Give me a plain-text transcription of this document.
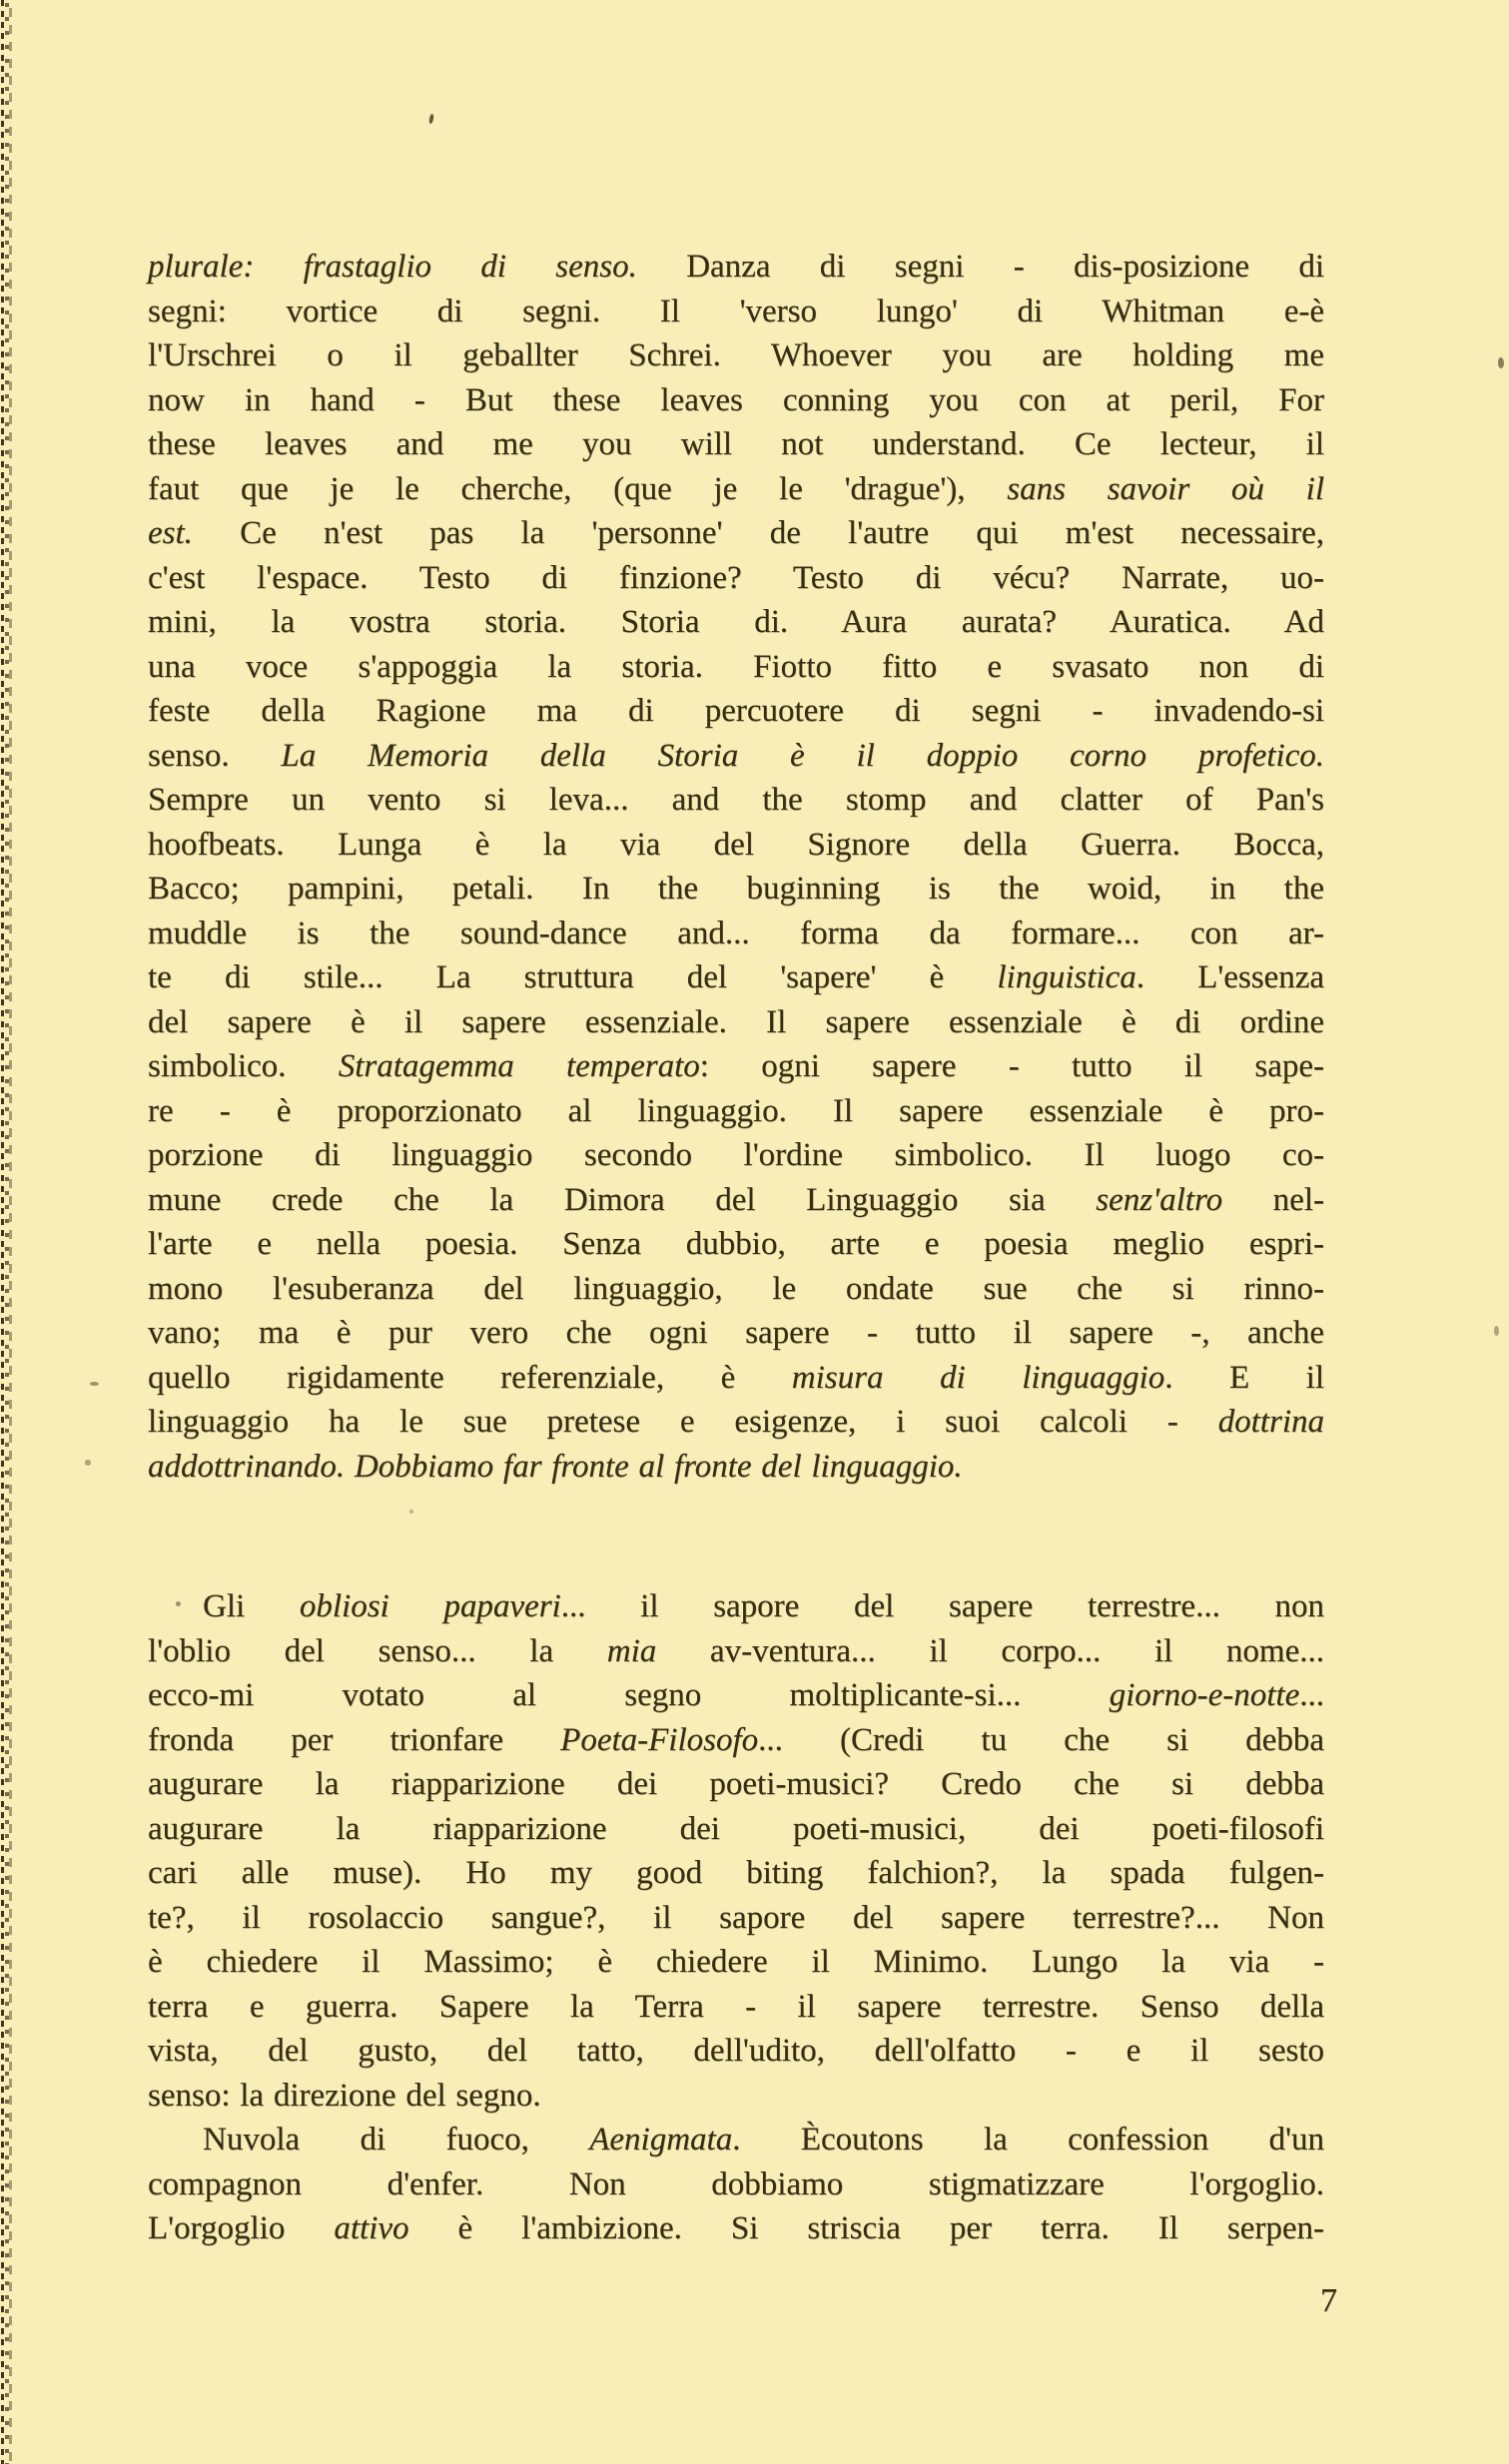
plurale: frastaglio di senso. Danza di segni - dis-posizione di
segni: vortice di segni. Il 'verso lungo' di Whitman e-è
l'Urschrei o il geballter Schrei. Whoever you are holding me
now in hand - But these leaves conning you con at peril, For
these leaves and me you will not understand. Ce lecteur, il
faut que je le cherche, (que je le 'drague'), sans savoir où il
est. Ce n'est pas la 'personne' de l'autre qui m'est necessaire,
c'est l'espace. Testo di finzione? Testo di vécu? Narrate, uo-
mini, la vostra storia. Storia di. Aura aurata? Auratica. Ad
una voce s'appoggia la storia. Fiotto fitto e svasato non di
feste della Ragione ma di percuotere di segni - invadendo-si
senso. La Memoria della Storia è il doppio corno profetico.
Sempre un vento si leva... and the stomp and clatter of Pan's
hoofbeats. Lunga è la via del Signore della Guerra. Bocca,
Bacco; pampini, petali. In the buginning is the woid, in the
muddle is the sound-dance and... forma da formare... con ar-
te di stile... La struttura del 'sapere' è linguistica. L'essenza
del sapere è il sapere essenziale. Il sapere essenziale è di ordine
simbolico. Stratagemma temperato: ogni sapere - tutto il sape-
re - è proporzionato al linguaggio. Il sapere essenziale è pro-
porzione di linguaggio secondo l'ordine simbolico. Il luogo co-
mune crede che la Dimora del Linguaggio sia senz'altro nel-
l'arte e nella poesia. Senza dubbio, arte e poesia meglio espri-
mono l'esuberanza del linguaggio, le ondate sue che si rinno-
vano; ma è pur vero che ogni sapere - tutto il sapere -, anche
quello rigidamente referenziale, è misura di linguaggio. E il
linguaggio ha le sue pretese e esigenze, i suoi calcoli - dottrina
addottrinando. Dobbiamo far fronte al fronte del linguaggio.
Gli obliosi papaveri... il sapore del sapere terrestre... non
l'oblio del senso... la mia av-ventura... il corpo... il nome...
ecco-mi votato al segno moltiplicante-si... giorno-e-notte...
fronda per trionfare Poeta-Filosofo... (Credi tu che si debba
augurare la riapparizione dei poeti-musici? Credo che si debba
augurare la riapparizione dei poeti-musici, dei poeti-filosofi
cari alle muse). Ho my good biting falchion?, la spada fulgen-
te?, il rosolaccio sangue?, il sapore del sapere terrestre?... Non
è chiedere il Massimo; è chiedere il Minimo. Lungo la via -
terra e guerra. Sapere la Terra - il sapere terrestre. Senso della
vista, del gusto, del tatto, dell'udito, dell'olfatto - e il sesto
senso: la direzione del segno.
Nuvola di fuoco, Aenigmata. Ècoutons la confession d'un
compagnon d'enfer. Non dobbiamo stigmatizzare l'orgoglio.
L'orgoglio attivo è l'ambizione. Si striscia per terra. Il serpen-
7
